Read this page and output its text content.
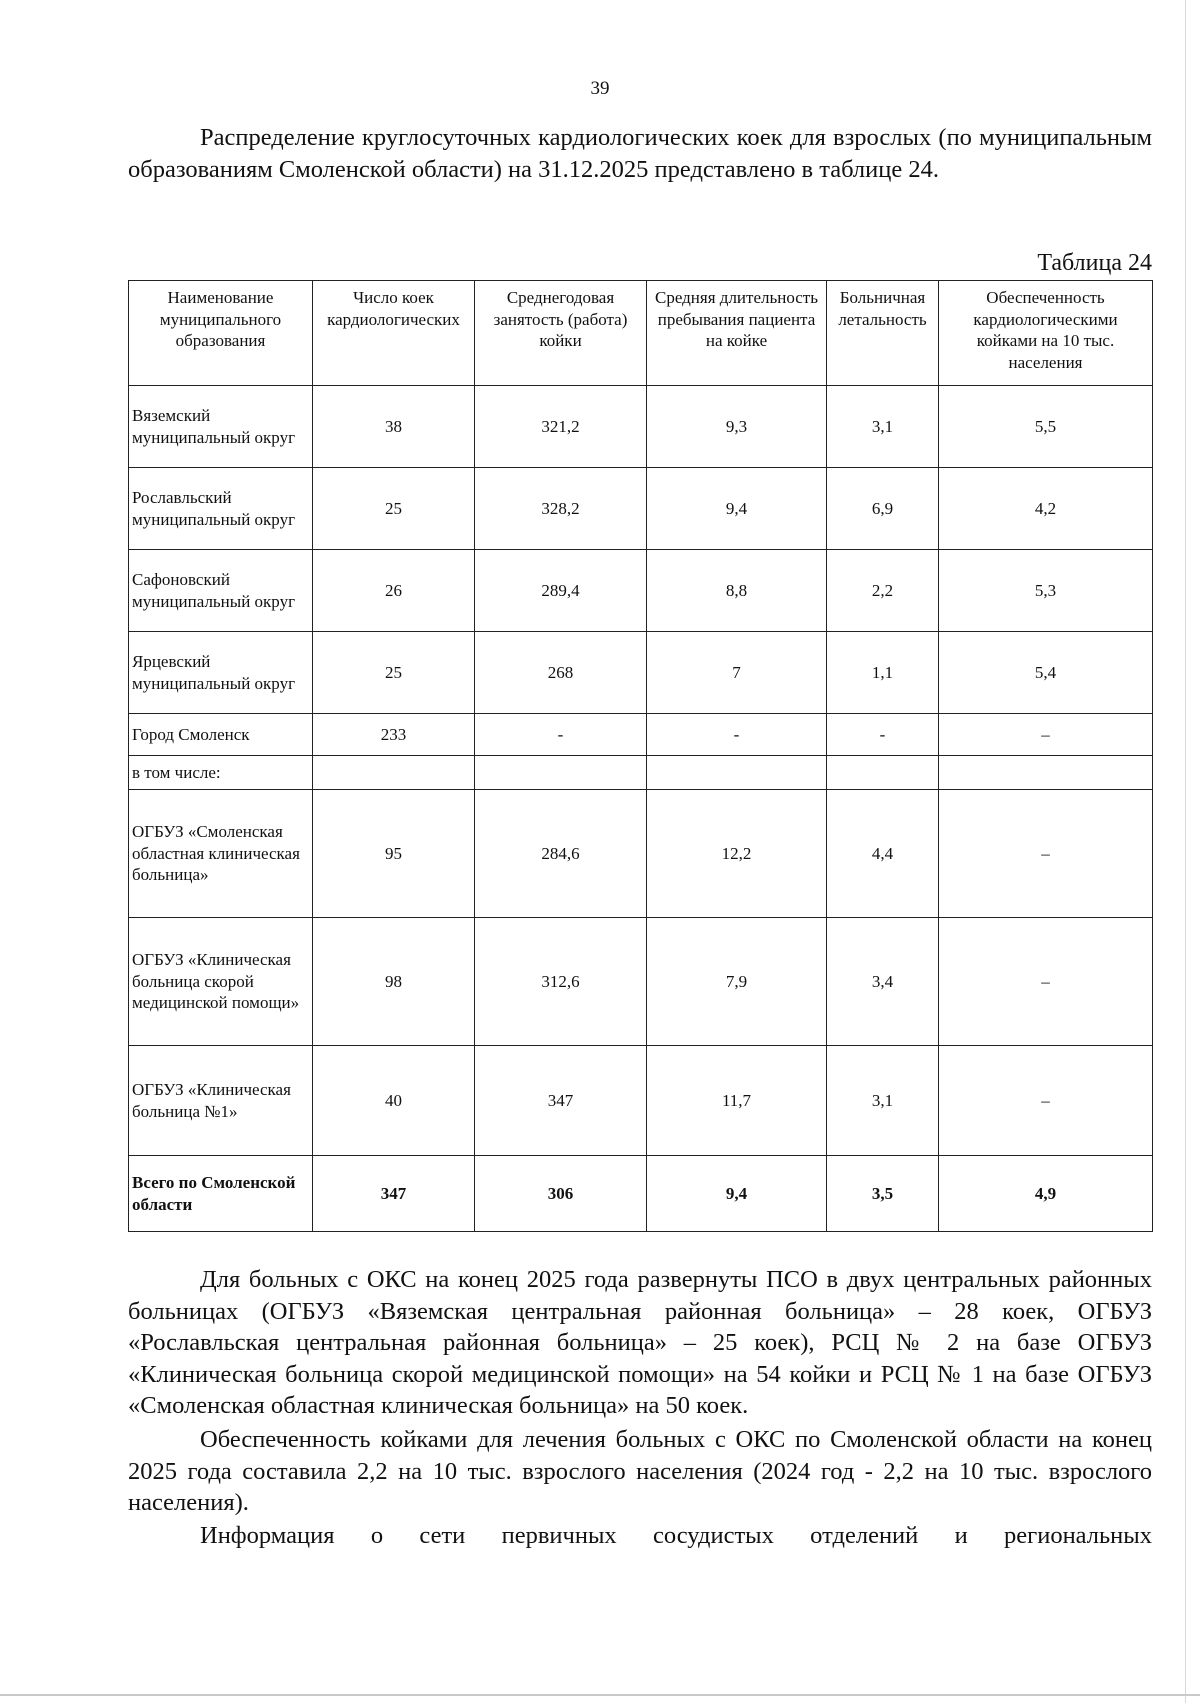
39

Распределение круглосуточных кардиологических коек для взрослых (по муниципальным образованиям Смоленской области) на 31.12.2025 представлено в таблице 24.

Таблица 24
Наименование муниципального образования	Число коек кардиологических	Среднегодовая занятость (работа) койки	Средняя длительность пребывания пациента на койке	Больничная летальность	Обеспеченность кардиологическими койками на 10 тыс. населения
Вяземский муниципальный округ	38	321,2	9,3	3,1	5,5
Рославльский муниципальный округ	25	328,2	9,4	6,9	4,2
Сафоновский муниципальный округ	26	289,4	8,8	2,2	5,3
Ярцевский муниципальный округ	25	268	7	1,1	5,4
Город Смоленск	233	-	-	-	–
в том числе:					
ОГБУЗ «Смоленская областная клиническая больница»	95	284,6	12,2	4,4	–
ОГБУЗ «Клиническая больница скорой медицинской помощи»	98	312,6	7,9	3,4	–
ОГБУЗ «Клиническая больница №1»	40	347	11,7	3,1	–
Всего по Смоленской области	347	306	9,4	3,5	4,9

Для больных с ОКС на конец 2025 года развернуты ПСО в двух центральных районных больницах (ОГБУЗ «Вяземская центральная районная больница» – 28 коек, ОГБУЗ «Рославльская центральная районная больница» – 25 коек), РСЦ № 2 на базе ОГБУЗ «Клиническая больница скорой медицинской помощи» на 54 койки и РСЦ № 1 на базе ОГБУЗ «Смоленская областная клиническая больница» на 50 коек.

Обеспеченность койками для лечения больных с ОКС по Смоленской области на конец 2025 года составила 2,2 на 10 тыс. взрослого населения (2024 год - 2,2 на 10 тыс. взрослого населения).

Информация о сети первичных сосудистых отделений и региональных
